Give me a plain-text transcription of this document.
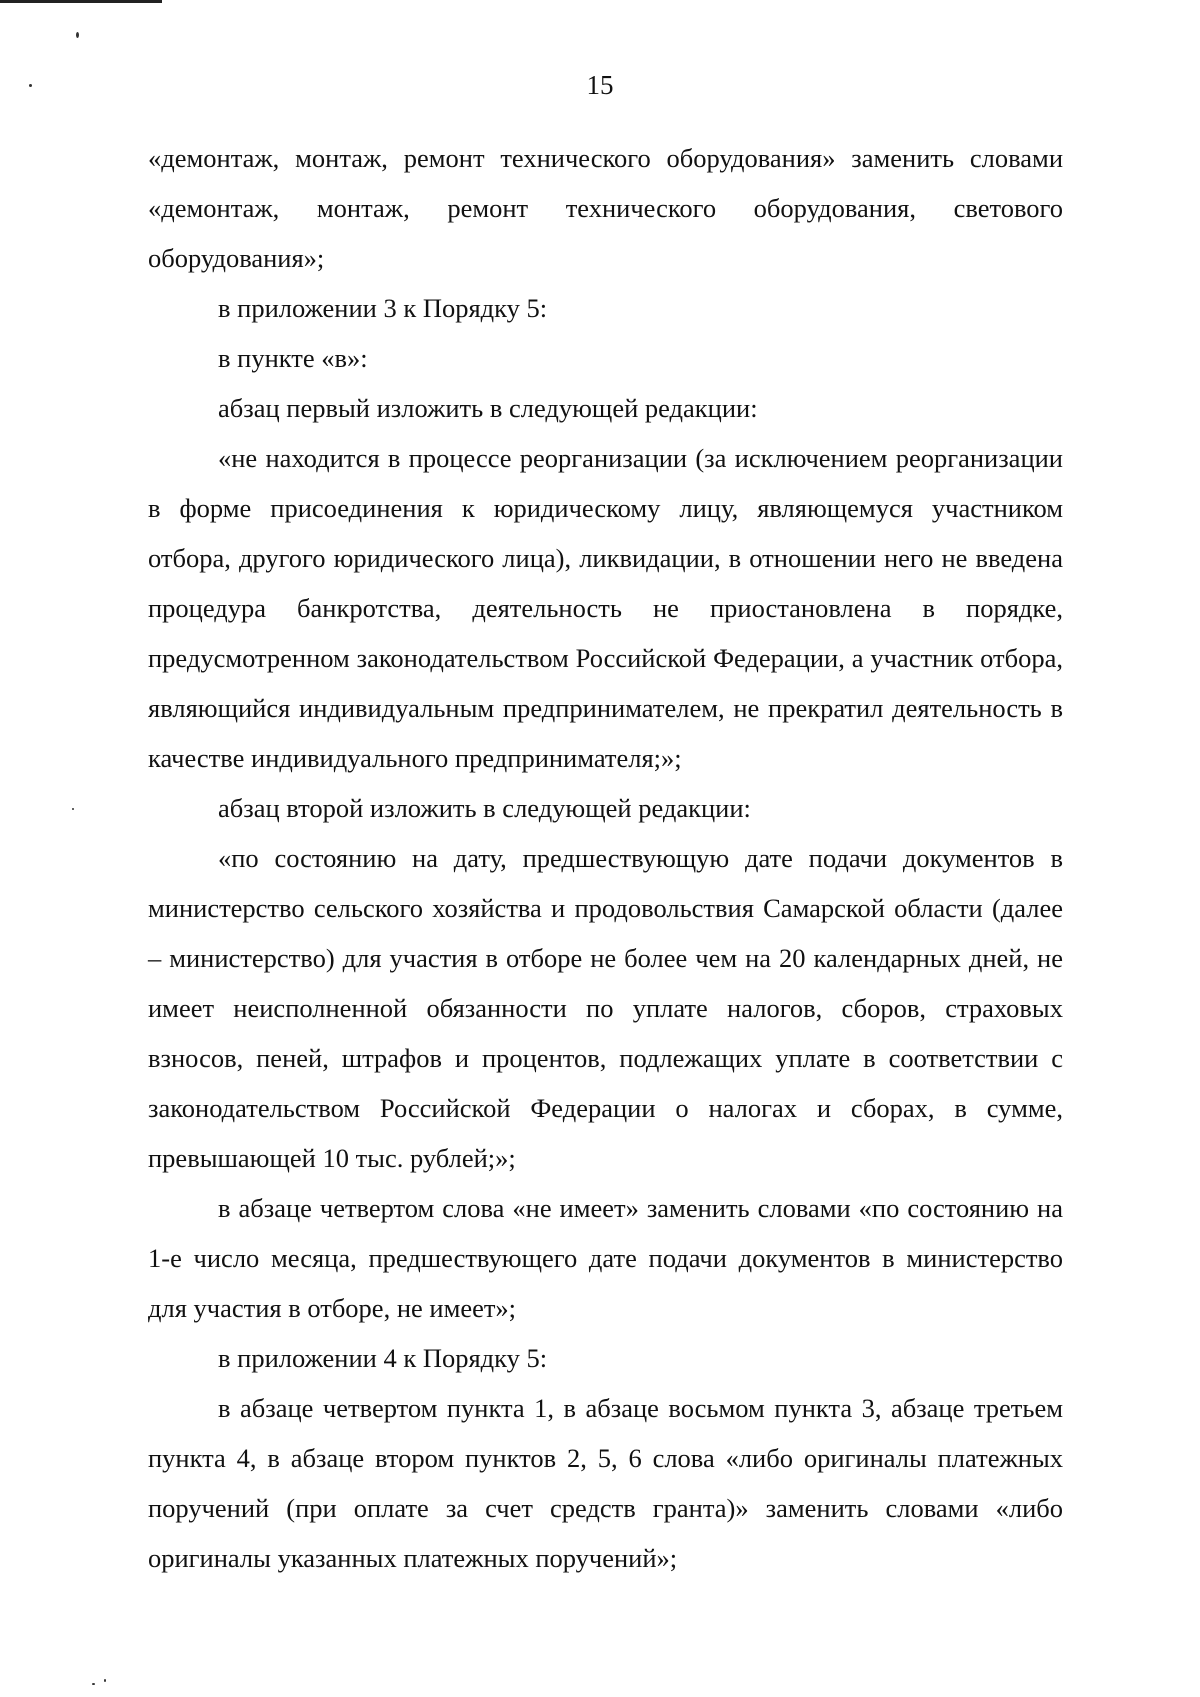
15

«демонтаж, монтаж, ремонт технического оборудования» заменить словами «демонтаж, монтаж, ремонт технического оборудования, светового оборудования»;

в приложении 3 к Порядку 5:

в пункте «в»:

абзац первый изложить в следующей редакции:

«не находится в процессе реорганизации (за исключением реорганизации в форме присоединения к юридическому лицу, являющемуся участником отбора, другого юридического лица), ликвидации, в отношении него не введена процедура банкротства, деятельность не приостановлена в порядке, предусмотренном законодательством Российской Федерации, а участник отбора, являющийся индивидуальным предпринимателем, не прекратил деятельность в качестве индивидуального предпринимателя;»;

абзац второй изложить в следующей редакции:

«по состоянию на дату, предшествующую дате подачи документов в министерство сельского хозяйства и продовольствия Самарской области (далее – министерство) для участия в отборе не более чем на 20 календарных дней, не имеет неисполненной обязанности по уплате налогов, сборов, страховых взносов, пеней, штрафов и процентов, подлежащих уплате в соответствии с законодательством Российской Федерации о налогах и сборах, в сумме, превышающей 10 тыс. рублей;»;

в абзаце четвертом слова «не имеет» заменить словами «по состоянию на 1-е число месяца, предшествующего дате подачи документов в министерство для участия в отборе, не имеет»;

в приложении 4 к Порядку 5:

в абзаце четвертом пункта 1, в абзаце восьмом пункта 3, абзаце третьем пункта 4, в абзаце втором пунктов 2, 5, 6 слова «либо оригиналы платежных поручений (при оплате за счет средств гранта)» заменить словами «либо оригиналы указанных платежных поручений»;
